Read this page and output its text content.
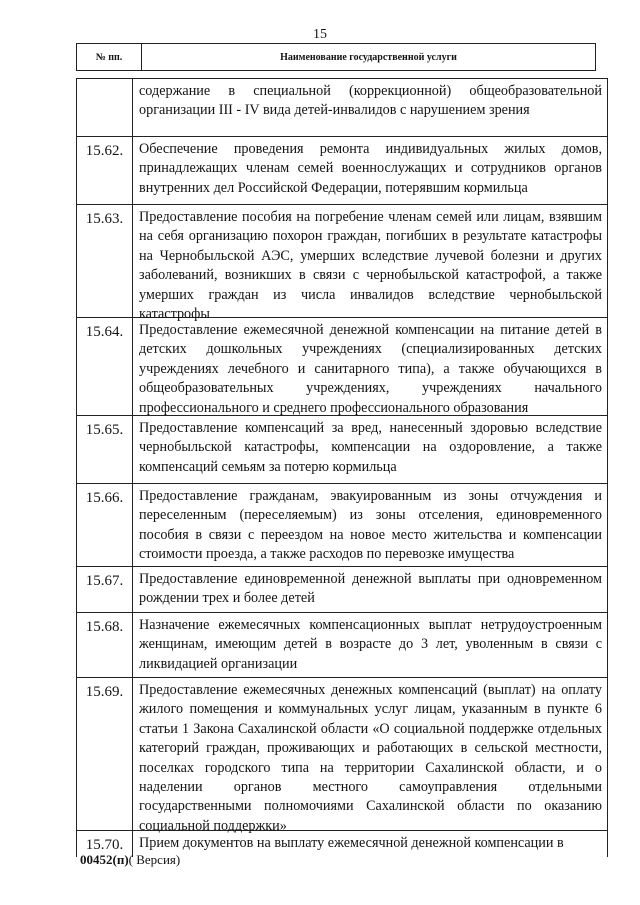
15
№ пп.	Наименование государственной услуги
содержание в специальной (коррекционной) общеобразовательной организации III - IV вида детей-инвалидов с нарушением зрения
15.62.	Обеспечение проведения ремонта индивидуальных жилых домов, принадлежащих членам семей военнослужащих и сотрудников органов внутренних дел Российской Федерации, потерявшим кормильца
15.63.	Предоставление пособия на погребение членам семей или лицам, взявшим на себя организацию похорон граждан, погибших в результате катастрофы на Чернобыльской АЭС, умерших вследствие лучевой болезни и других заболеваний, возникших в связи с чернобыльской катастрофой, а также умерших граждан из числа инвалидов вследствие чернобыльской катастрофы
15.64.	Предоставление ежемесячной денежной компенсации на питание детей в детских дошкольных учреждениях (специализированных детских учреждениях лечебного и санитарного типа), а также обучающихся в общеобразовательных учреждениях, учреждениях начального профессионального и среднего профессионального образования
15.65.	Предоставление компенсаций за вред, нанесенный здоровью вследствие чернобыльской катастрофы, компенсации на оздоровление, а также компенсаций семьям за потерю кормильца
15.66.	Предоставление гражданам, эвакуированным из зоны отчуждения и переселенным (переселяемым) из зоны отселения, единовременного пособия в связи с переездом на новое место жительства и компенсации стоимости проезда, а также расходов по перевозке имущества
15.67.	Предоставление единовременной денежной выплаты при одновременном рождении трех и более детей
15.68.	Назначение ежемесячных компенсационных выплат нетрудоустроенным женщинам, имеющим детей в возрасте до 3 лет, уволенным в связи с ликвидацией организации
15.69.	Предоставление ежемесячных денежных компенсаций (выплат) на оплату жилого помещения и коммунальных услуг лицам, указанным в пункте 6 статьи 1 Закона Сахалинской области «О социальной поддержке отдельных категорий граждан, проживающих и работающих в сельской местности, поселках городского типа на территории Сахалинской области, и о наделении органов местного самоуправления отдельными государственными полномочиями Сахалинской области по оказанию социальной поддержки»
15.70.	Прием документов на выплату ежемесячной денежной компенсации в
00452(п)( Версия)
